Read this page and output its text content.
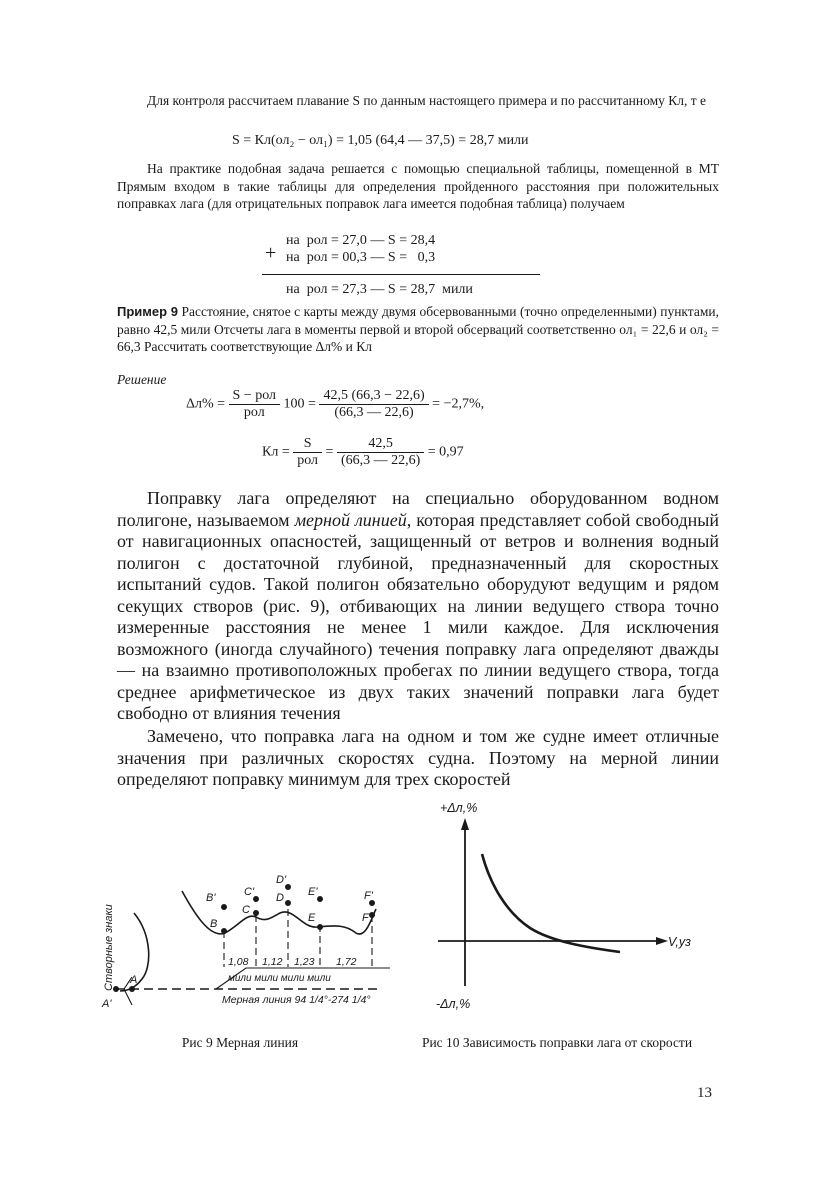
Для контроля рассчитаем плавание S по данным настоящего примера и по рассчитанному Кл, т е
S = Кл(ол₂ − ол₁) = 1,05 (64,4 — 37,5) = 28,7 мили
На практике подобная задача решается с помощью специальной таблицы, помещенной в МТ Прямым входом в такие таблицы для определения пройденного расстояния при положительных поправках лага (для отрицательных поправок лага имеется подобная таблица) получаем
на  рол = 27,0 — S = 28,4
+ на  рол = 00,3 — S =   0,3
на  рол = 27,3 — S = 28,7  мили
Пример 9 Расстояние, снятое с карты между двумя обсервованными (точно определенными) пунктами, равно 42,5 мили Отсчеты лага в моменты первой и второй обсерваций соответственно ол₁ = 22,6 и ол₂ = 66,3 Рассчитать соответствующие Δл% и Кл
Решение
$\Delta л\% = \frac{\text{S − рол}}{\text{рол}} 100 = \frac{42,5 (66,3 - 22,6)}{(66,3 — 22,6)} = -2,7\%$,
Кл = $\frac{S}{\text{рол}} = \frac{42,5}{(66,3 — 22,6)} = 0,97$
Поправку лага определяют на специально оборудованном водном полигоне, называемом мерной линией, которая представляет собой свободный от навигационных опасностей, защищенный от ветров и волнения водный полигон с достаточной глубиной, предназначенный для скоростных испытаний судов. Такой полигон обязательно оборудуют ведущим и рядом секущих створов (рис. 9), отбивающих на линии ведущего створа точно измеренные расстояния не менее 1 мили каждое. Для исключения возможного (иногда случайного) течения поправку лага определяют дважды — на взаимно противоположных пробегах по линии ведущего створа, тогда среднее арифметическое из двух таких значений поправки лага будет свободно от влияния течения
Замечено, что поправка лага на одном и том же судне имеет отличные значения при различных скоростях судна. Поэтому на мерной линии определяют поправку минимум для трех скоростей
B'
B
C'
C
D'
D E'
E
F'
F
A
A'
1,08 1,12 1,23 1,72
мили мили мили мили
Мерная линия 94 1/4°-274 1/4°
Створные знаки
Рис 9 Мерная линия
+Δл,%
-Δл,%
V,уз
Рис 10 Зависимость поправки лага от скорости
13
